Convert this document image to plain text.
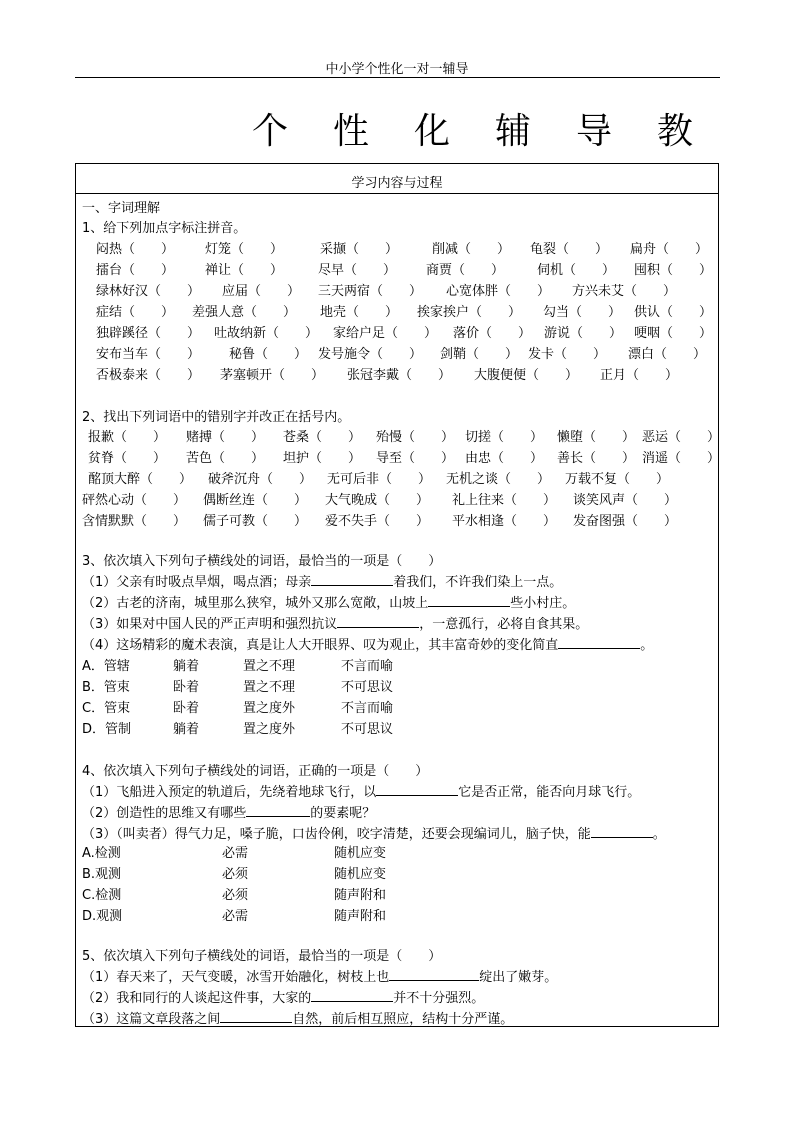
中小学个性化一对一辅导
个 性 化 辅 导 教
学习内容与过程
一、字词理解
1、给下列加点字标注拼音。
闷热（　　） 灯笼（　　）	采撷（　　）	削减（　　） 龟裂（　　） 扁舟（　　）
擂台（　　） 禅让（　　）	尽早（　　） 商贾（　　）	伺机（　　） 囤积（　　）
绿林好汉（　　） 应届（　　） 三天两宿（　　） 心宽体胖（　　） 方兴未艾（　　）
症结（　　） 差强人意（　　） 地壳（　　） 挨家挨户（　　） 勾当（　　） 供认（　　）
独辟蹊径（　　） 吐故纳新（　　） 家给户足（　　） 落价（　　） 游说（　　） 哽咽（　　）
安布当车（　　） 秘鲁（　　） 发号施令（　　） 剑鞘（　　） 发卡（　　） 漂白（　　）
否极泰来（　　） 茅塞顿开（　　） 张冠李戴（　　） 大腹便便（　　） 正月（　　）
2、找出下列词语中的错别字并改正在括号内。
报歉（　　） 赌搏（　　） 苍桑（　　） 殆慢（　　） 切搓（　　） 懒堕（　　） 恶运（　　）
贫脊（　　） 苦色（　　） 坦护（　　） 导至（　　） 由忠（　　） 善长（　　） 消遥（　　）
酩顶大醉（　　） 破斧沉舟（　　） 无可后非（　　） 无机之谈（　　） 万载不复（　　）
砰然心动（　　） 偶断丝连（　　） 大气晚成（　　） 礼上往来（　　） 谈笑风声（　　）
含情默默（　　） 儒子可教（　　） 爱不失手（　　） 平水相逢（　　） 发奋图强（　　）
3、依次填入下列句子横线处的词语，最恰当的一项是（　　）
（1）父亲有时吸点旱烟，喝点酒；母亲	着我们，不许我们染上一点。
（2）古老的济南，城里那么狭窄，城外又那么宽敞，山坡上	些小村庄。
（3）如果对中国人民的严正声明和强烈抗议	，一意孤行，必将自食其果。
（4）这场精彩的魔术表演，真是让人大开眼界、叹为观止，其丰富奇妙的变化简直	。
A．管辖	躺着	置之不理	不言而喻
B．管束	卧着	置之不理	不可思议
C．管束	卧着	置之度外	不言而喻
D．管制	躺着	置之度外	不可思议
4、依次填入下列句子横线处的词语，正确的一项是（　　）
（1）飞船进入预定的轨道后，先绕着地球飞行，以	它是否正常，能否向月球飞行。
（2）创造性的思维又有哪些	的要素呢？
（3）（叫卖者）得气力足，嗓子脆，口齿伶俐，咬字清楚，还要会现编词儿，脑子快，能	。
A.检测	必需	随机应变
B.观测	必须	随机应变
C.检测	必须	随声附和
D.观测	必需	随声附和
5、依次填入下列句子横线处的词语，最恰当的一项是（　　）
（1）春天来了，天气变暖，冰雪开始融化，树枝上也	绽出了嫩芽。
（2）我和同行的人谈起这件事，大家的	并不十分强烈。
（3）这篇文章段落之间	自然，前后相互照应，结构十分严谨。
